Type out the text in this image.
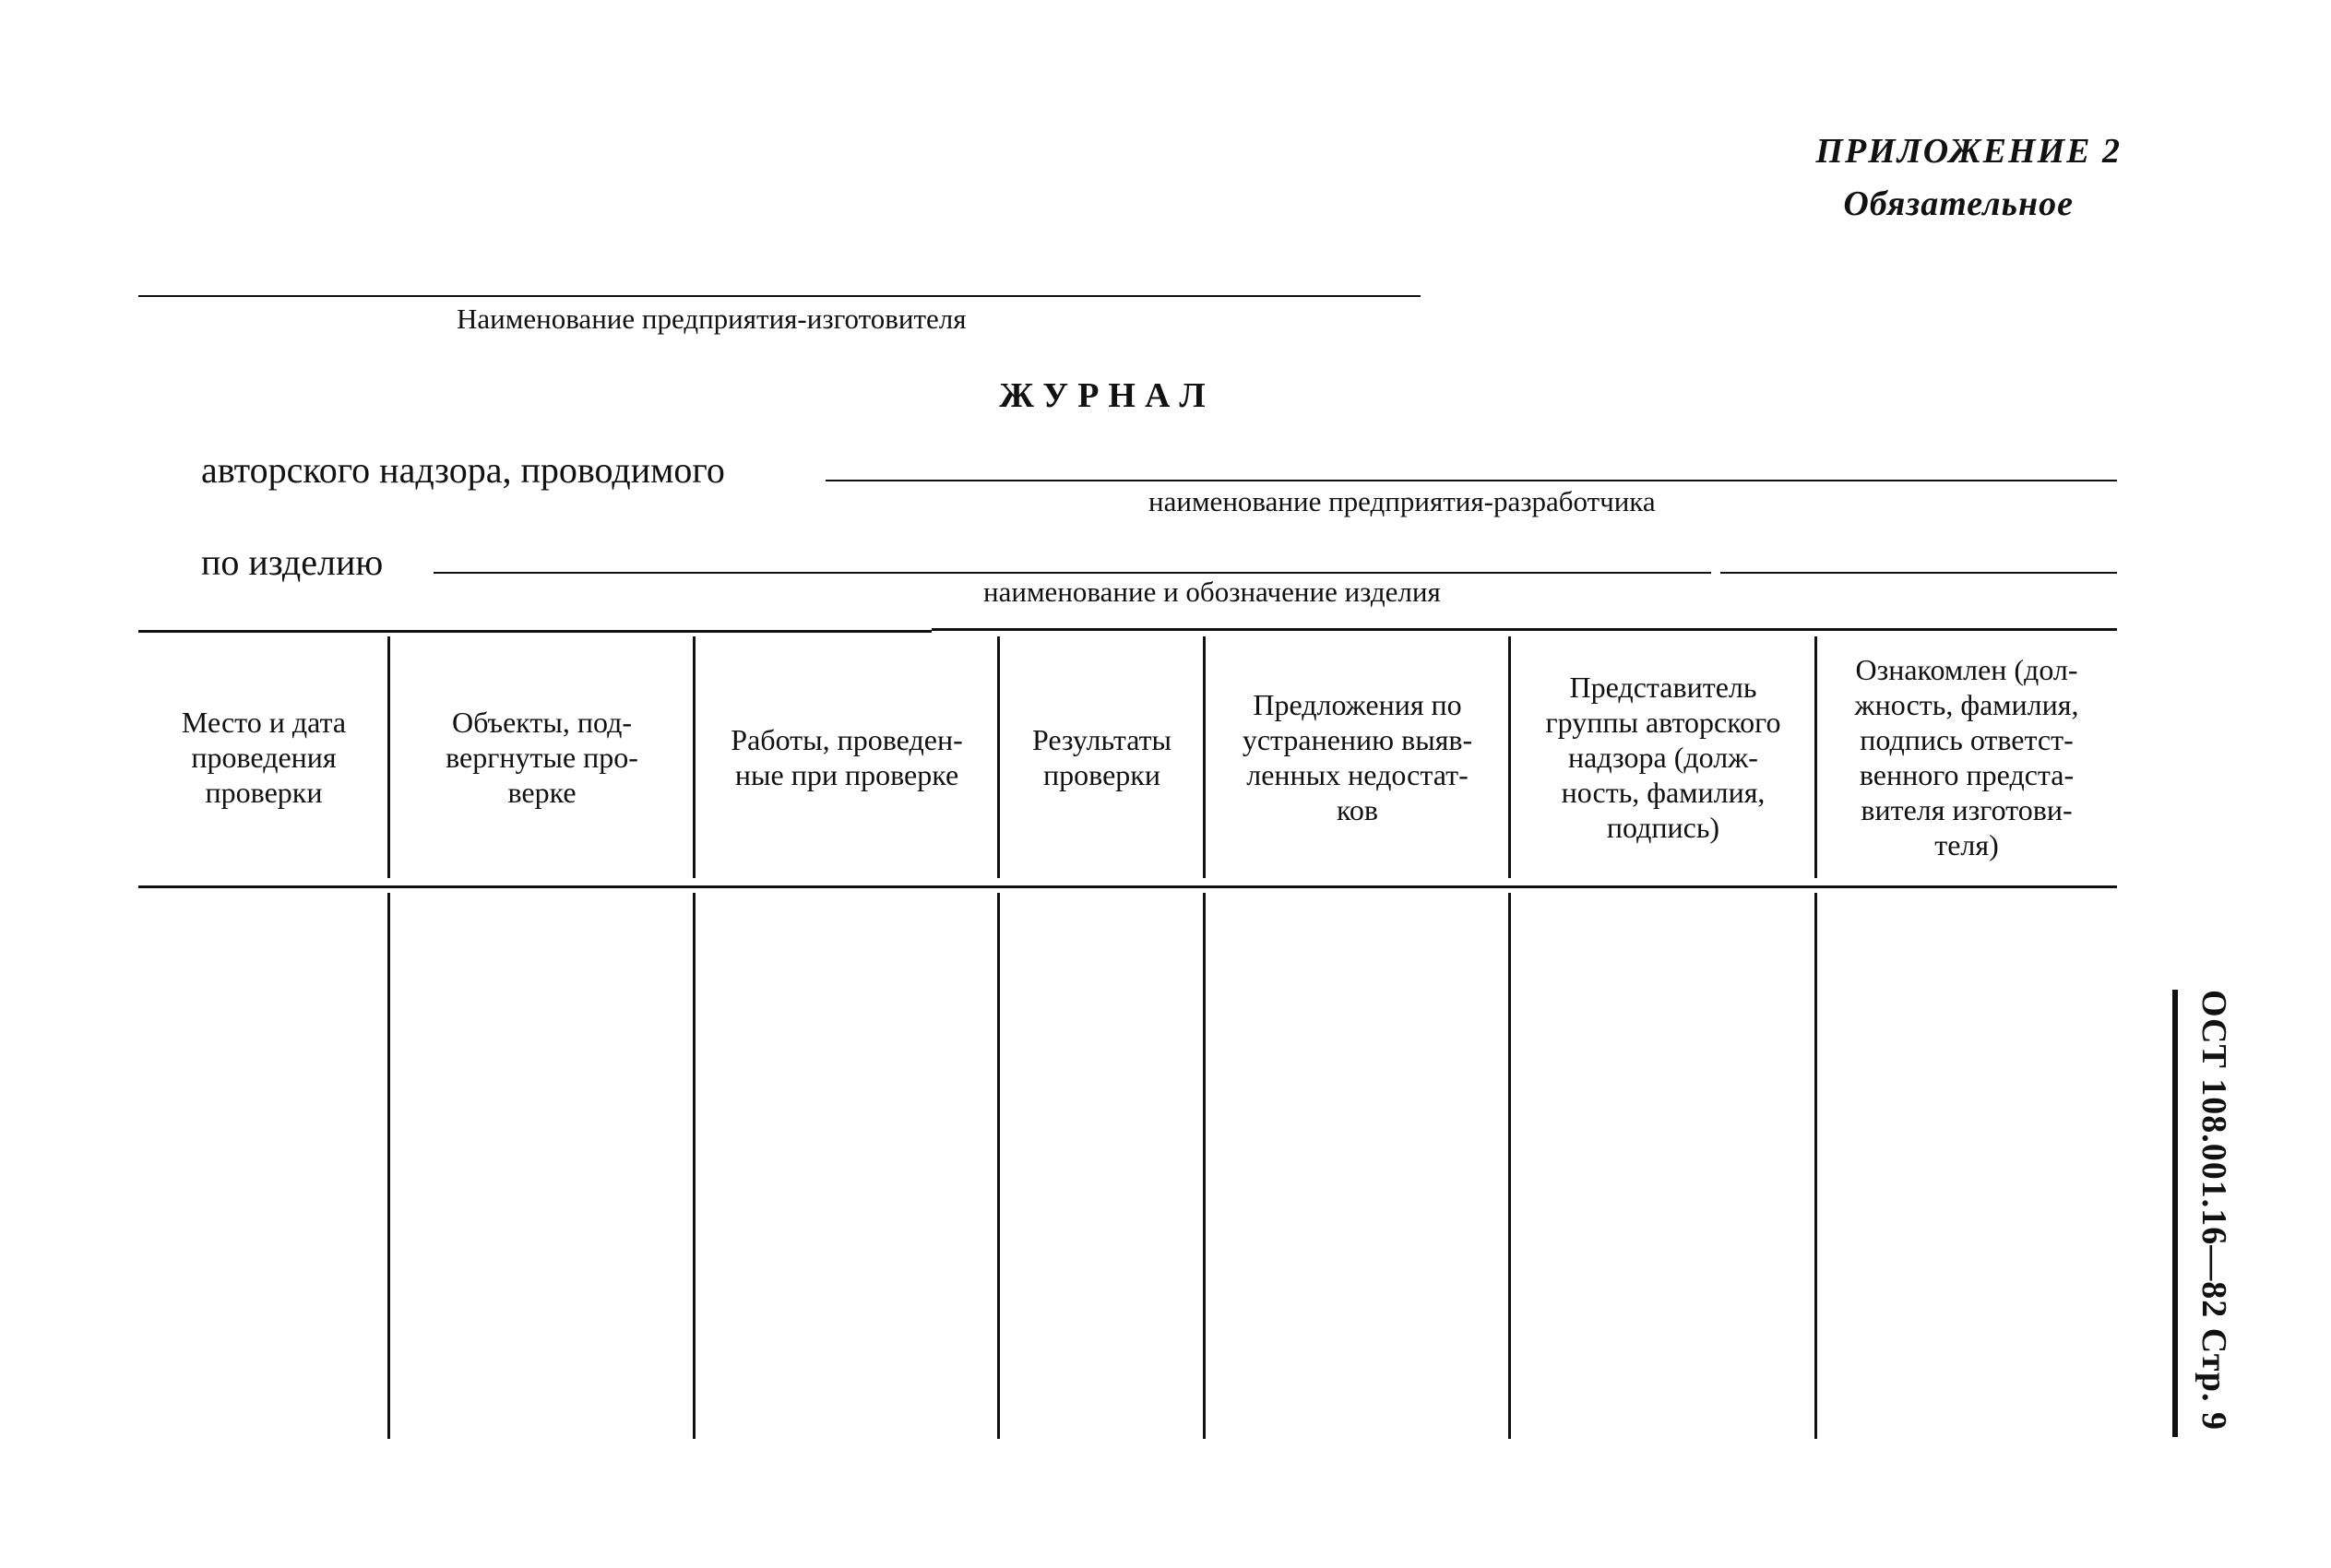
ПРИЛОЖЕНИЕ 2
Обязательное
Наименование предприятия-изготовителя
ЖУРНАЛ
авторского надзора, проводимого
наименование предприятия-разработчика
по изделию
наименование и обозначение изделия
Место и дата
проведения
проверки
Объекты, под-
вергнутые про-
верке
Работы, проведен-
ные при проверке
Результаты
проверки
Предложения по
устранению выяв-
ленных недостат-
ков
Представитель
группы авторского
надзора (долж-
ность, фамилия,
подпись)
Ознакомлен (дол-
жность, фамилия,
подпись ответст-
венного предста-
вителя изготови-
теля)
ОСТ 108.001.16—82 Стр. 9
